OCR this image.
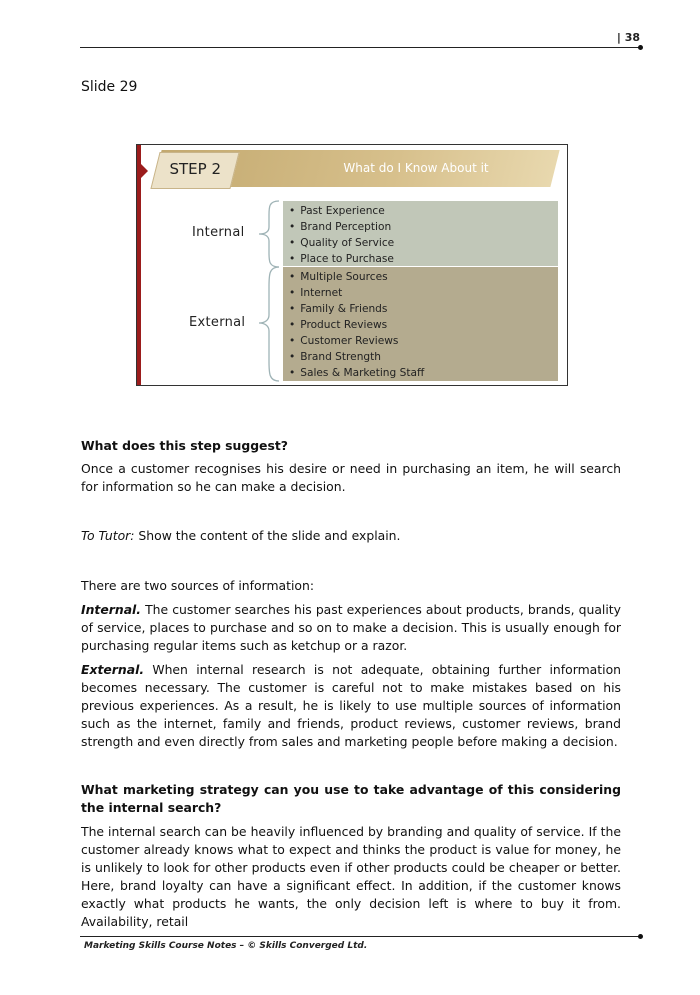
| 38
Slide 29
What do I Know About it
STEP 2
Internal
External
• Past Experience
• Brand Perception
• Quality of Service
• Place to Purchase
• Multiple Sources
• Internet
• Family & Friends
• Product Reviews
• Customer Reviews
• Brand Strength
• Sales & Marketing Staff
What does this step suggest?

Once a customer recognises his desire or need in purchasing an item, he will search for information so he can make a decision.

To Tutor: Show the content of the slide and explain.

There are two sources of information:

Internal. The customer searches his past experiences about products, brands, quality of service, places to purchase and so on to make a decision. This is usually enough for purchasing regular items such as ketchup or a razor.

External. When internal research is not adequate, obtaining further information becomes necessary. The customer is careful not to make mistakes based on his previous experiences. As a result, he is likely to use multiple sources of information such as the internet, family and friends, product reviews, customer reviews, brand strength and even directly from sales and marketing people before making a decision.

What marketing strategy can you use to take advantage of this considering the internal search?

The internal search can be heavily influenced by branding and quality of service. If the customer already knows what to expect and thinks the product is value for money, he is unlikely to look for other products even if other products could be cheaper or better. Here, brand loyalty can have a significant effect. In addition, if the customer knows exactly what products he wants, the only decision left is where to buy it from. Availability, retail

Marketing Skills Course Notes – © Skills Converged Ltd.
